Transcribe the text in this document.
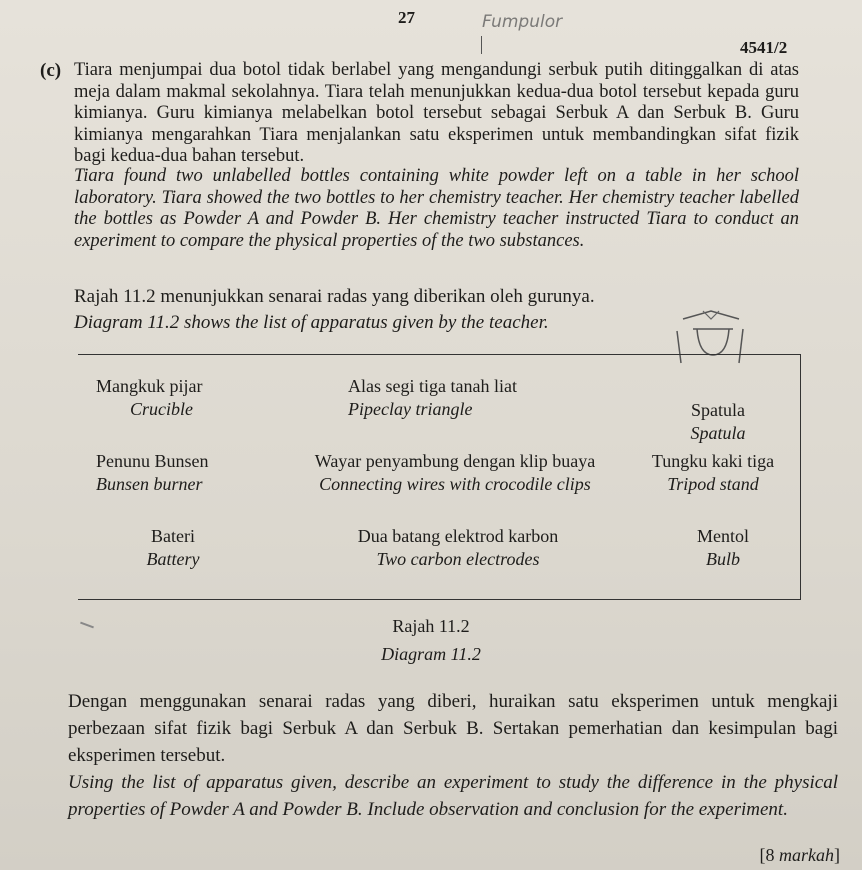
27	Fumpulor
4541/2
(c) Tiara menjumpai dua botol tidak berlabel yang mengandungi serbuk putih ditinggalkan di atas meja dalam makmal sekolahnya. Tiara telah menunjukkan kedua-dua botol tersebut kepada guru kimianya. Guru kimianya melabelkan botol tersebut sebagai Serbuk A dan Serbuk B. Guru kimianya mengarahkan Tiara menjalankan satu eksperimen untuk membandingkan sifat fizik bagi kedua-dua bahan tersebut.
Tiara found two unlabelled bottles containing white powder left on a table in her school laboratory. Tiara showed the two bottles to her chemistry teacher. Her chemistry teacher labelled the bottles as Powder A and Powder B. Her chemistry teacher instructed Tiara to conduct an experiment to compare the physical properties of the two substances.
Rajah 11.2 menunjukkan senarai radas yang diberikan oleh gurunya.
Diagram 11.2 shows the list of apparatus given by the teacher.
Mangkuk pijar
Crucible
Alas segi tiga tanah liat
Pipeclay triangle	Spatula
Spatula
Penunu Bunsen
Bunsen burner
Wayar penyambung dengan klip buaya
Connecting wires with crocodile clips
Tungku kaki tiga
Tripod stand
Bateri
Battery
Dua batang elektrod karbon
Two carbon electrodes
Mentol
Bulb
Rajah 11.2
Diagram 11.2
Dengan menggunakan senarai radas yang diberi, huraikan satu eksperimen untuk mengkaji perbezaan sifat fizik bagi Serbuk A dan Serbuk B. Sertakan pemerhatian dan kesimpulan bagi eksperimen tersebut.
Using the list of apparatus given, describe an experiment to study the difference in the physical properties of Powder A and Powder B. Include observation and conclusion for the experiment.
[8 markah]
